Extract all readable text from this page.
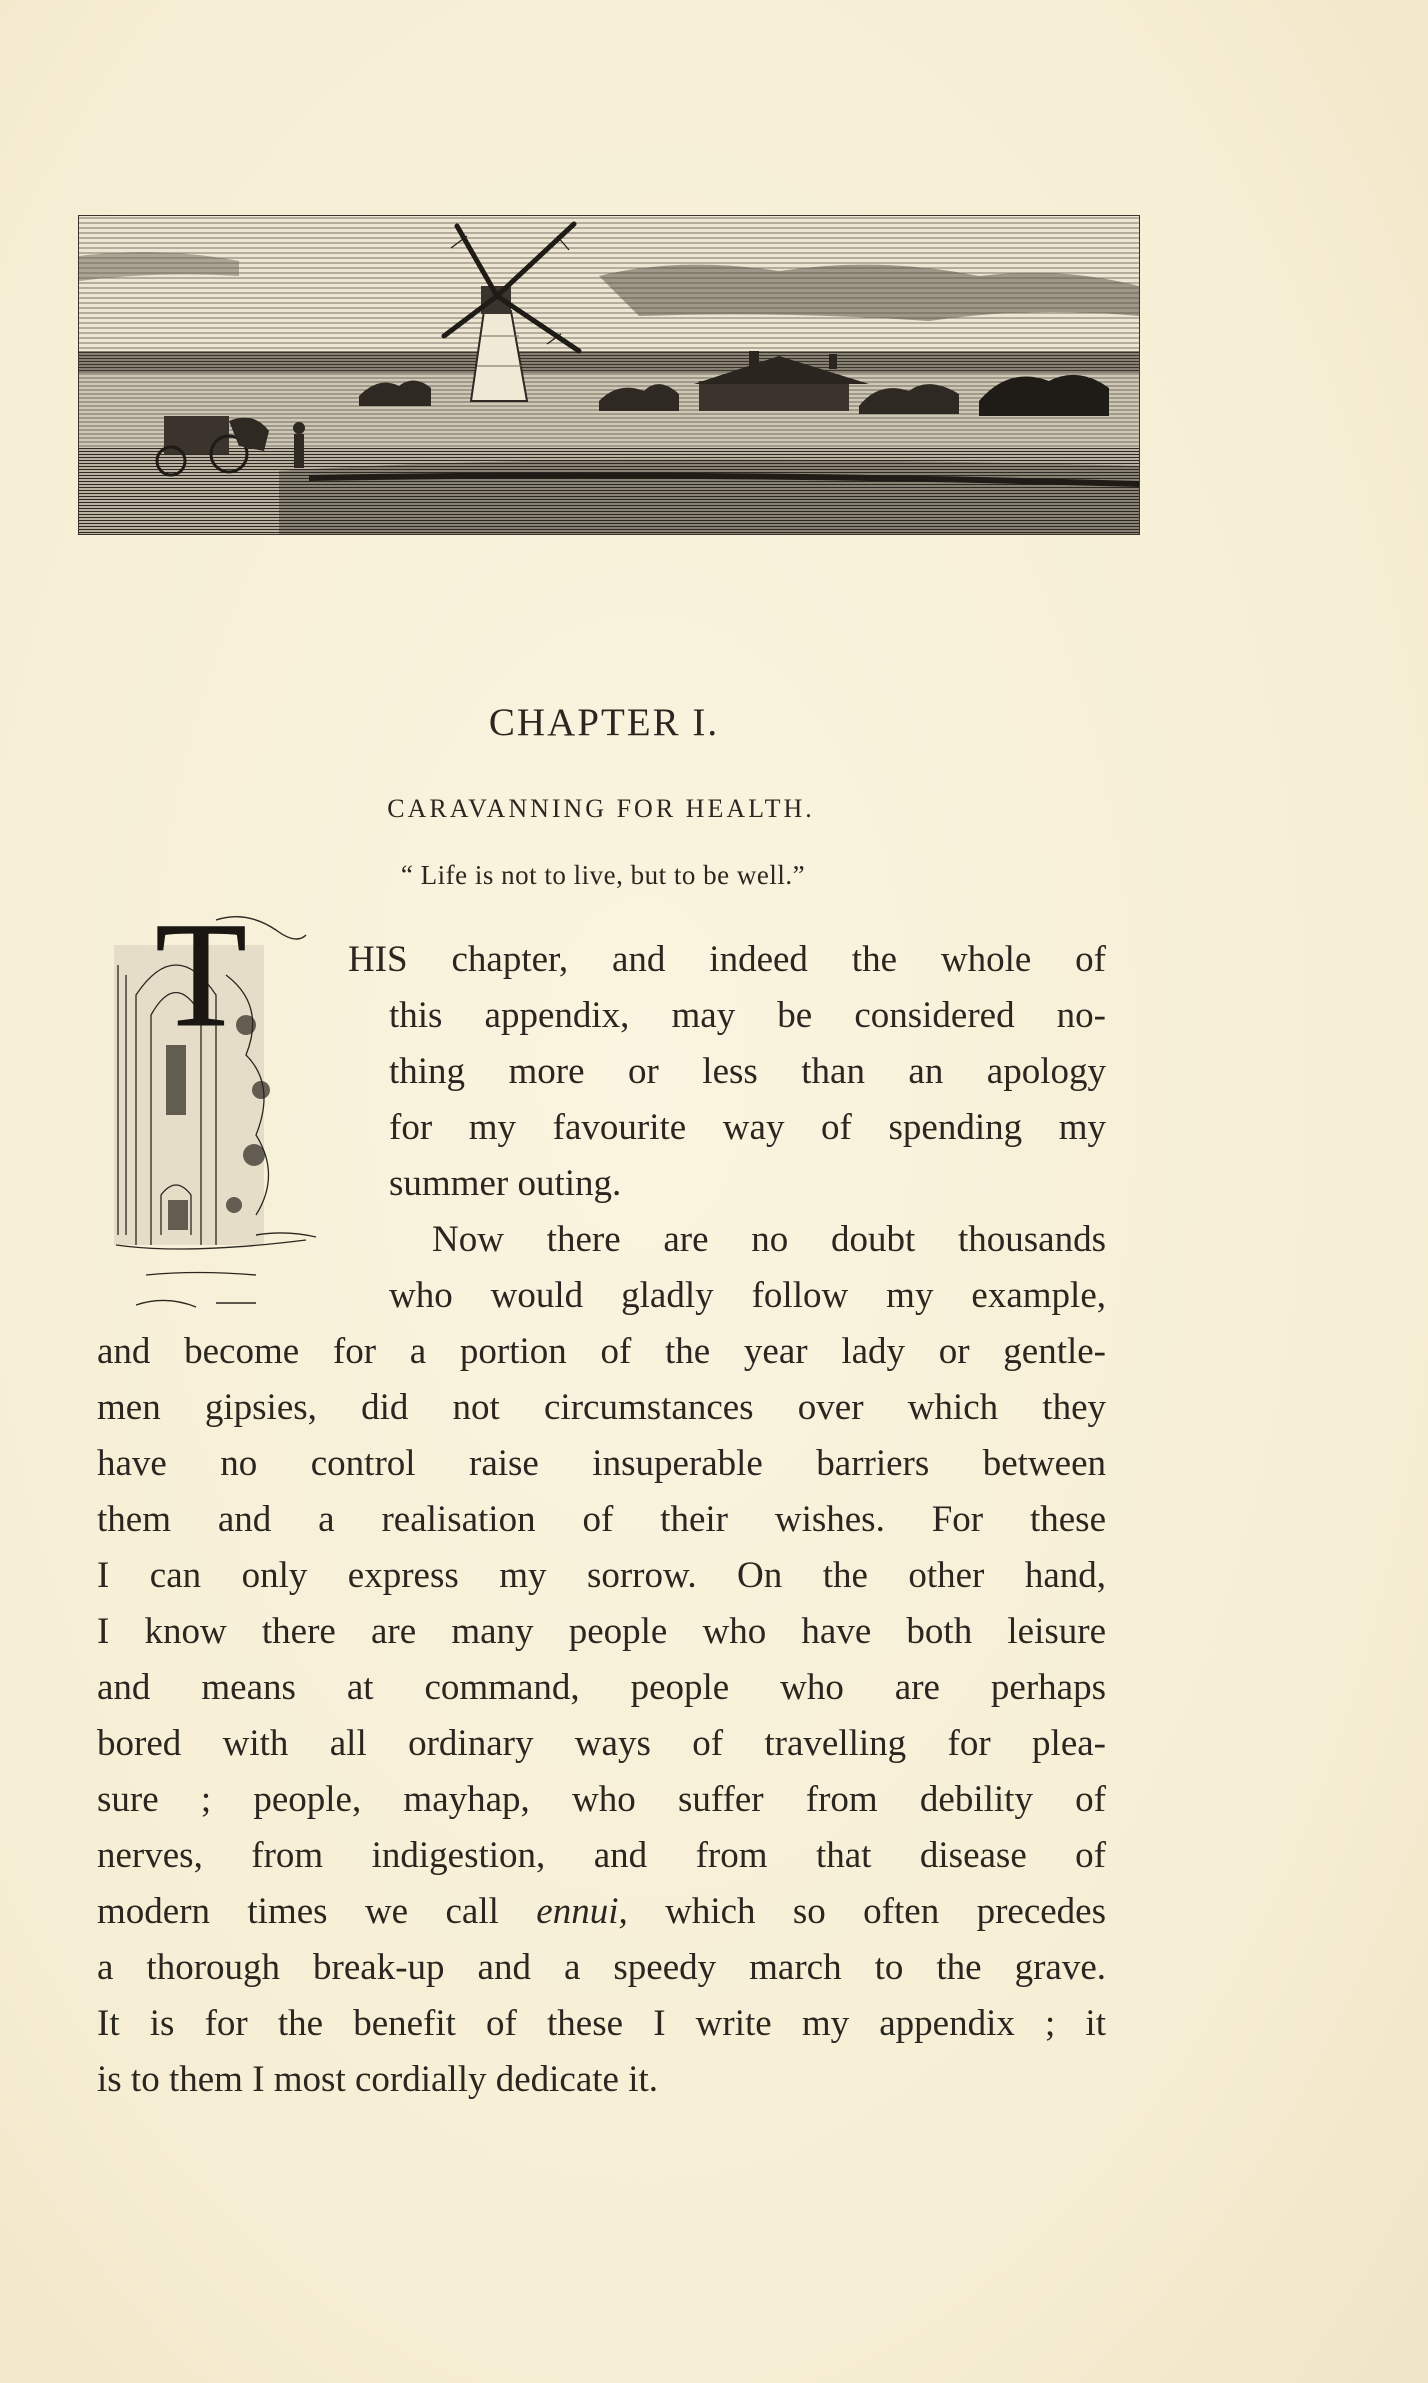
CHAPTER I.
CARAVANNING FOR HEALTH.
“ Life is not to live, but to be well.”
T	HIS chapter, and indeed the whole of
this appendix, may be considered no-
thing more or less than an apology
for my favourite way of spending my
summer outing.
Now there are no doubt thousands
who would gladly follow my example,
and become for a portion of the year lady or gentle-
men gipsies, did not circumstances over which they
have no control raise insuperable barriers between
them and a realisation of their wishes. For these
I can only express my sorrow. On the other hand,
I know there are many people who have both leisure
and means at command, people who are perhaps
bored with all ordinary ways of travelling for plea-
sure ; people, mayhap, who suffer from debility of
nerves, from indigestion, and from that disease of
modern times we call ennui, which so often precedes
a thorough break-up and a speedy march to the grave.
It is for the benefit of these I write my appendix ; it
is to them I most cordially dedicate it.
